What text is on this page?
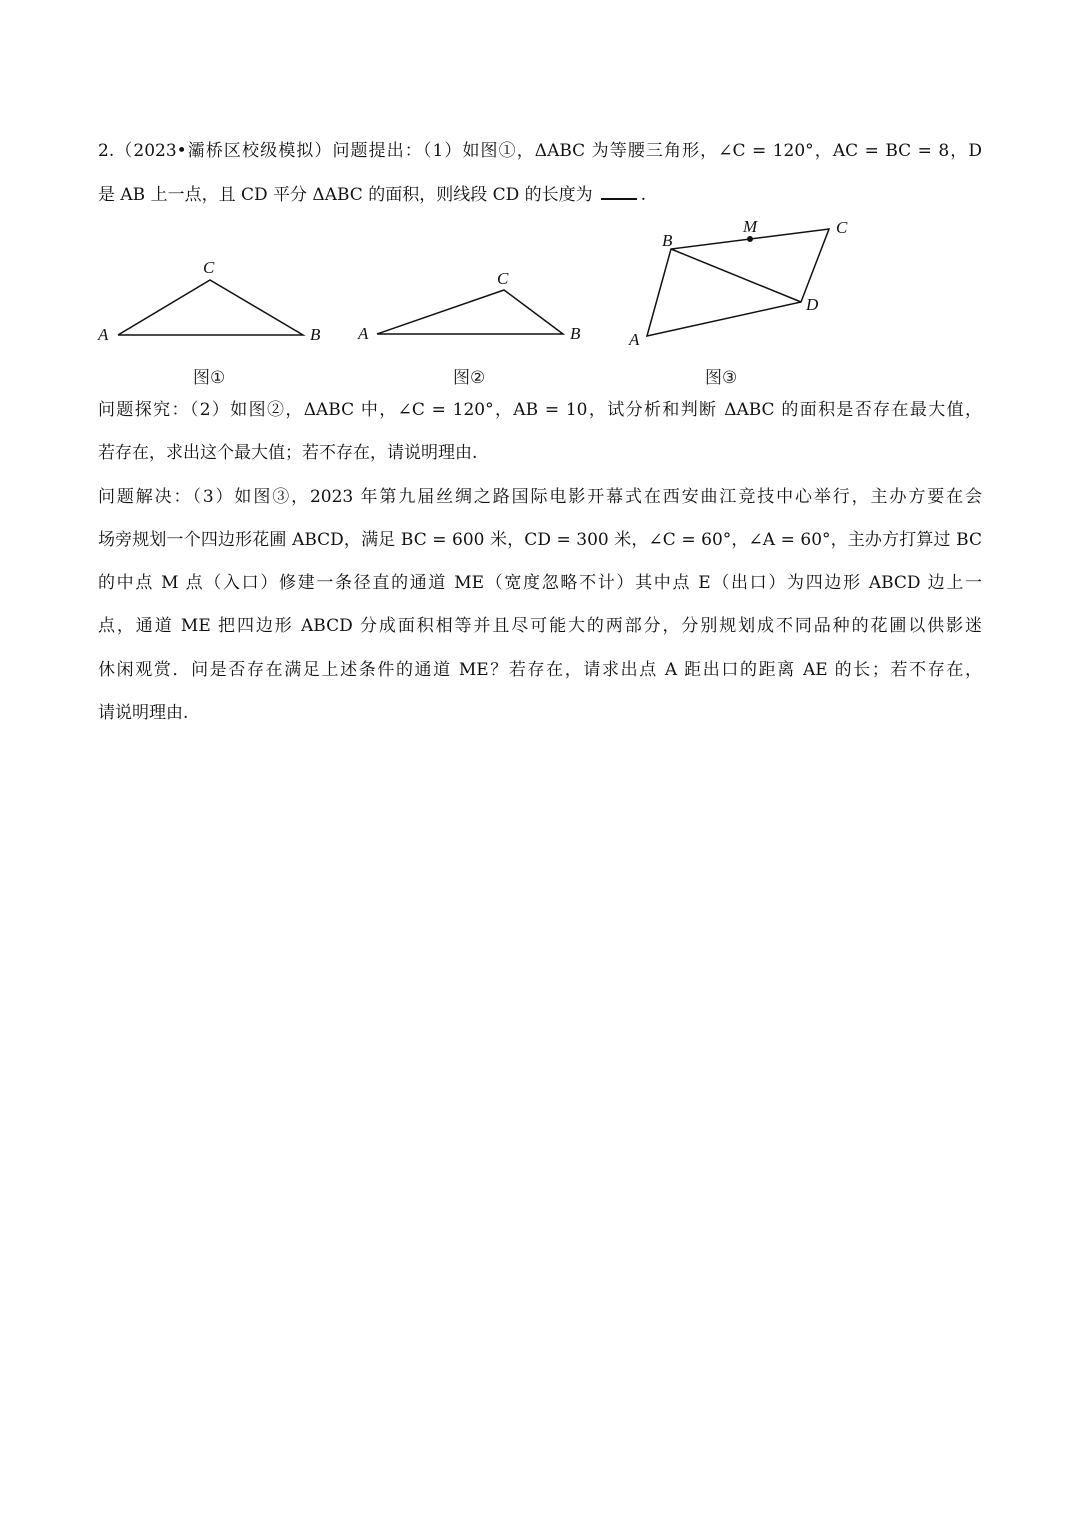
2.（2023•灞桥区校级模拟）问题提出：（1）如图①，ΔABC 为等腰三角形，∠C = 120°，AC = BC = 8，D
是 AB 上一点，且 CD 平分 ΔABC 的面积，则线段 CD 的长度为	.
A	B
C
A	B
C
A
B
C
D
M
图①	图②	图③
问题探究：（2）如图②，ΔABC 中，∠C = 120°，AB = 10，试分析和判断 ΔABC 的面积是否存在最大值，
若存在，求出这个最大值；若不存在，请说明理由.
问题解决：（3）如图③，2023 年第九届丝绸之路国际电影开幕式在西安曲江竞技中心举行，主办方要在会
场旁规划一个四边形花圃 ABCD，满足 BC = 600 米，CD = 300 米，∠C = 60°，∠A = 60°，主办方打算过 BC
的中点 M 点（入口）修建一条径直的通道 ME（宽度忽略不计）其中点 E（出口）为四边形 ABCD 边上一
点，通道 ME 把四边形 ABCD 分成面积相等并且尽可能大的两部分，分别规划成不同品种的花圃以供影迷
休闲观赏．问是否存在满足上述条件的通道 ME？若存在，请求出点 A 距出口的距离 AE 的长；若不存在，
请说明理由.
